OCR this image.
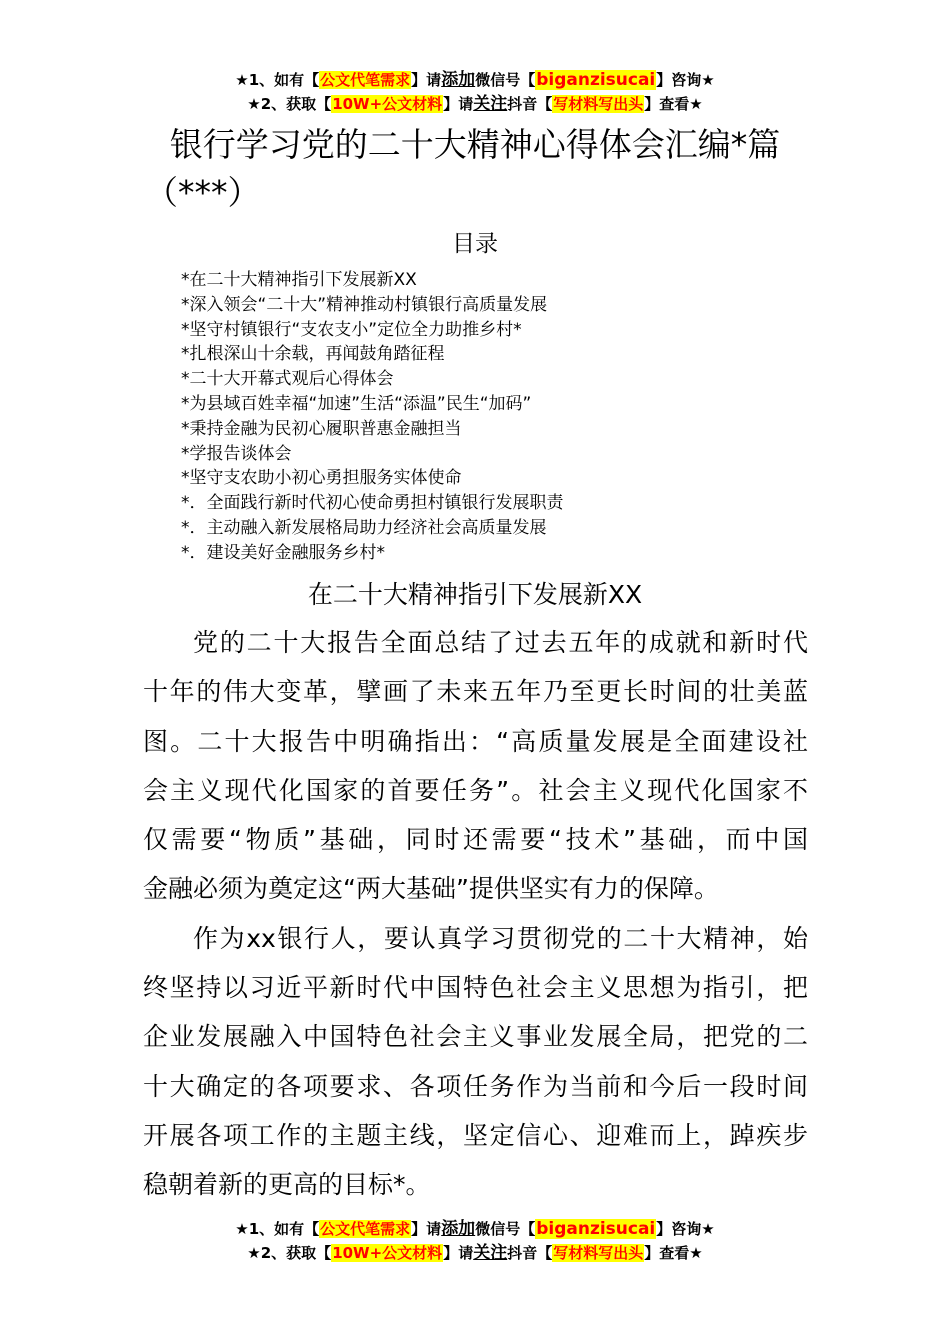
★1、如有【公文代笔需求】请添加微信号【biganzisucai】咨询★
★2、获取【10W+公文材料】请关注抖音【写材料写出头】查看★
银行学习党的二十大精神心得体会汇编*篇
（***）
目录
*在二十大精神指引下发展新XX
*深入领会“二十大”精神推动村镇银行高质量发展
*坚守村镇银行“支农支小”定位全力助推乡村*
*扎根深山十余载，再闻鼓角踏征程
*二十大开幕式观后心得体会
*为县域百姓幸福“加速”生活“添温”民生“加码”
*秉持金融为民初心履职普惠金融担当
*学报告谈体会
*坚守支农助小初心勇担服务实体使命
*．全面践行新时代初心使命勇担村镇银行发展职责
*．主动融入新发展格局助力经济社会高质量发展
*．建设美好金融服务乡村*
在二十大精神指引下发展新XX
党的二十大报告全面总结了过去五年的成就和新时代
十年的伟大变革，擘画了未来五年乃至更长时间的壮美蓝
图。二十大报告中明确指出：“高质量发展是全面建设社
会主义现代化国家的首要任务”。社会主义现代化国家不
仅需要“物质”基础，同时还需要“技术”基础，而中国
金融必须为奠定这“两大基础”提供坚实有力的保障。
作为xx银行人，要认真学习贯彻党的二十大精神，始
终坚持以习近平新时代中国特色社会主义思想为指引，把
企业发展融入中国特色社会主义事业发展全局，把党的二
十大确定的各项要求、各项任务作为当前和今后一段时间
开展各项工作的主题主线，坚定信心、迎难而上，踔疾步
稳朝着新的更高的目标*。
★1、如有【公文代笔需求】请添加微信号【biganzisucai】咨询★
★2、获取【10W+公文材料】请关注抖音【写材料写出头】查看★
